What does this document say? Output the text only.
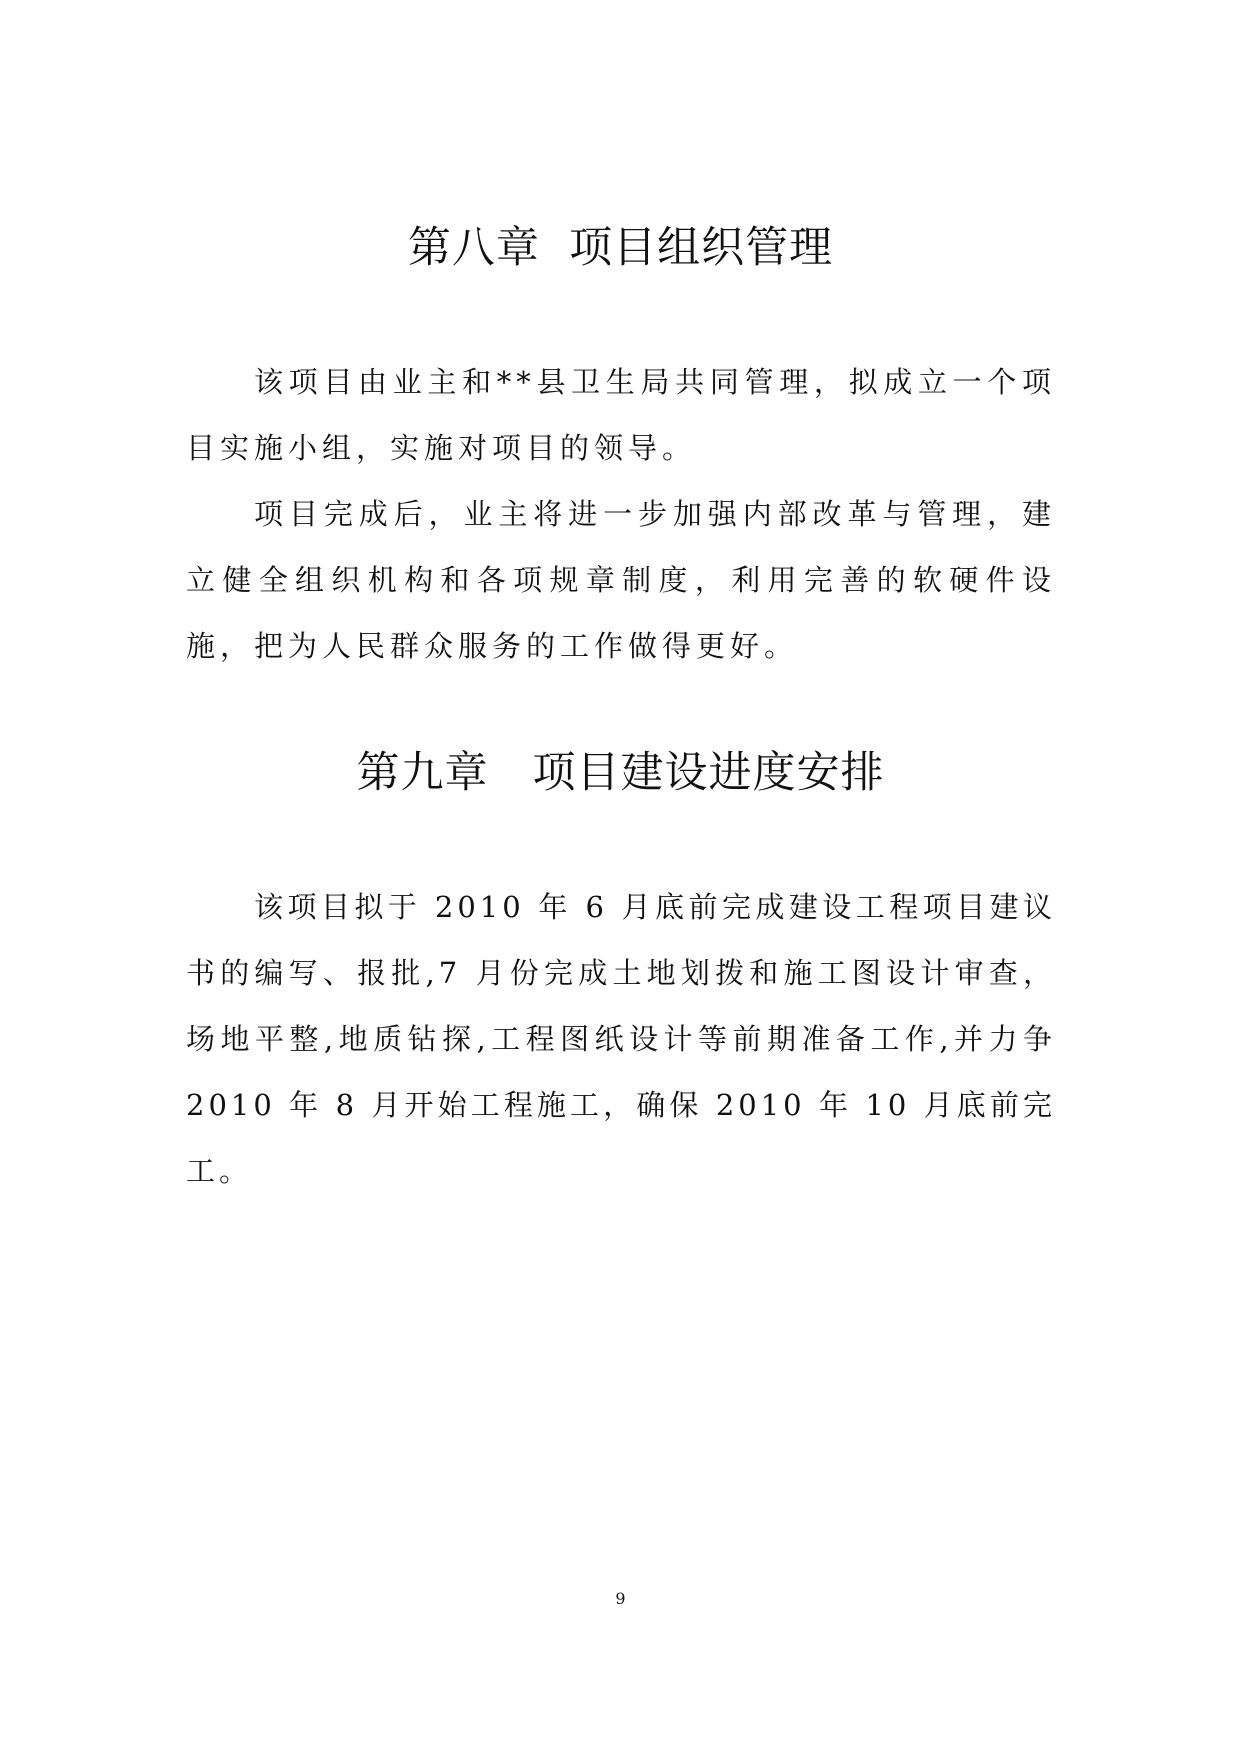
第八章  项目组织管理

该项目由业主和**县卫生局共同管理，拟成立一个项目实施小组，实施对项目的领导。

项目完成后，业主将进一步加强内部改革与管理，建立健全组织机构和各项规章制度，利用完善的软硬件设施，把为人民群众服务的工作做得更好。

第九章   项目建设进度安排

该项目拟于 2010 年 6 月底前完成建设工程项目建议书的编写、报批,7 月份完成土地划拨和施工图设计审查，场地平整,地质钻探,工程图纸设计等前期准备工作,并力争 2010 年 8 月开始工程施工，确保 2010 年 10 月底前完工。

9
